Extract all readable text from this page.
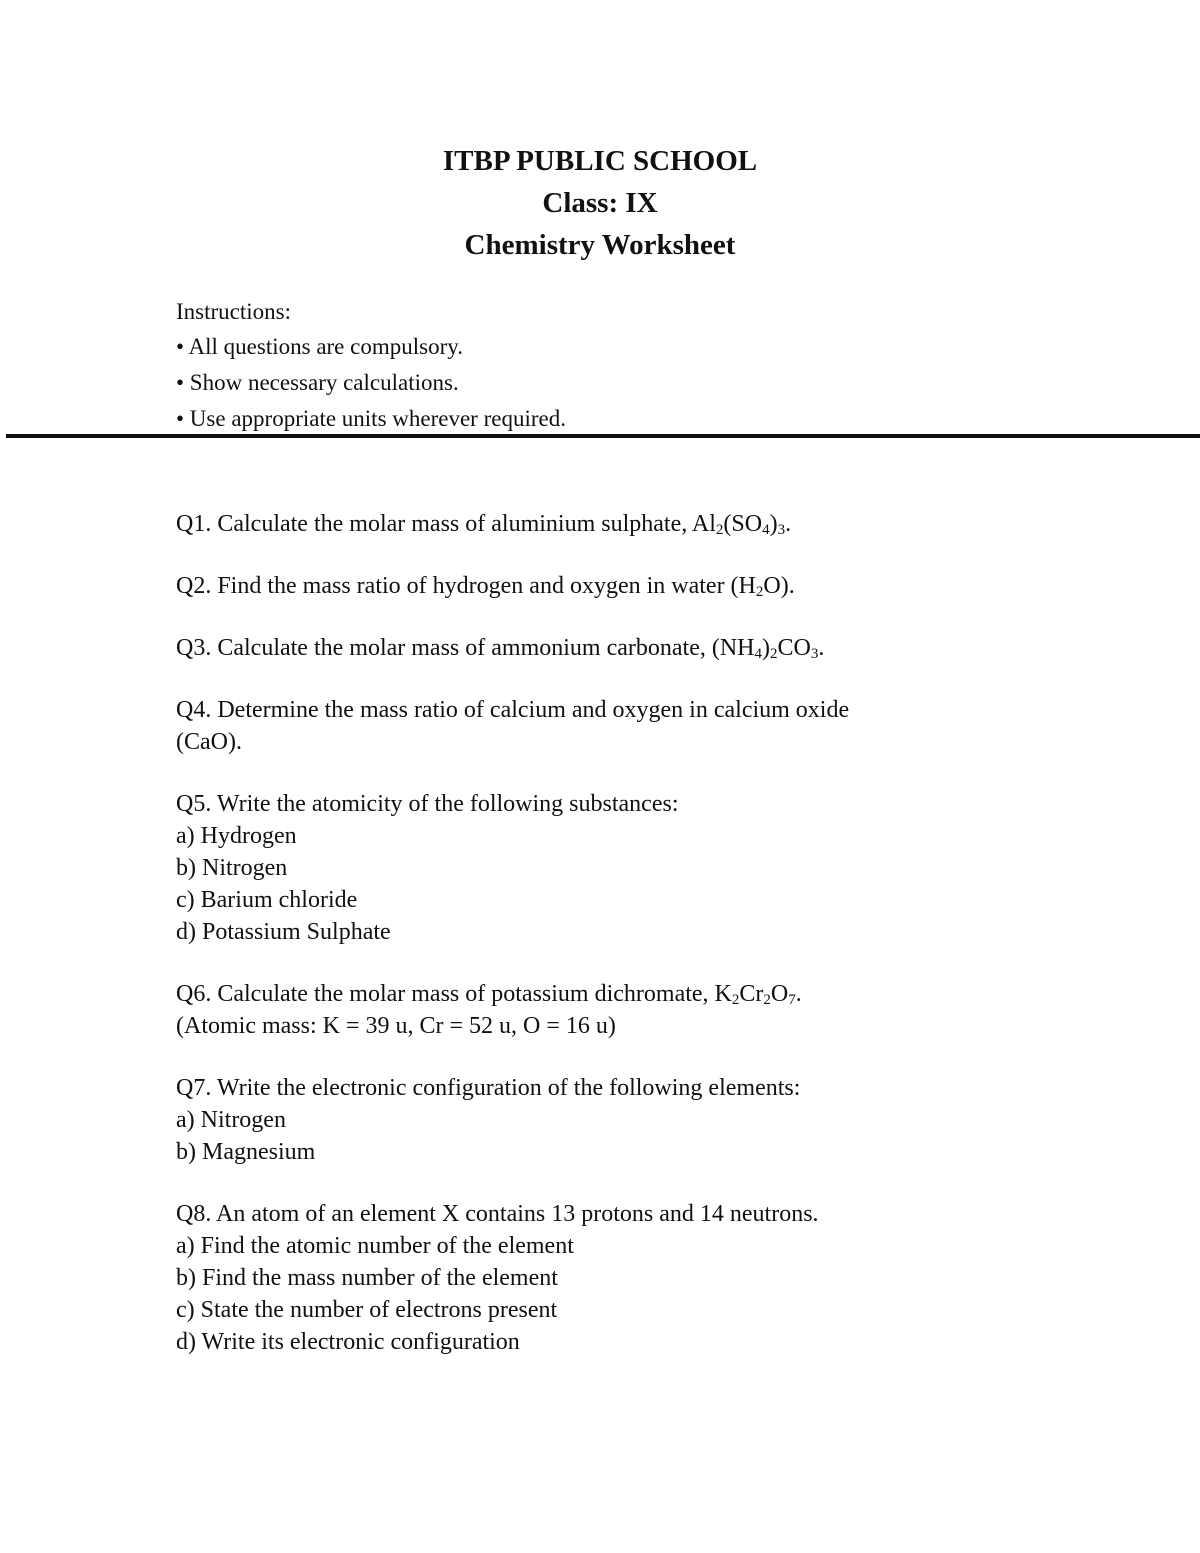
ITBP PUBLIC SCHOOL
Class: IX
Chemistry Worksheet
Instructions:
• All questions are compulsory.
• Show necessary calculations.
• Use appropriate units wherever required.
Q1. Calculate the molar mass of aluminium sulphate, $Al_2(SO_4)_3$.
Q2. Find the mass ratio of hydrogen and oxygen in water $(H_2O)$.
Q3. Calculate the molar mass of ammonium carbonate, $(NH_4)_2CO_3$.
Q4. Determine the mass ratio of calcium and oxygen in calcium oxide
(CaO).
Q5. Write the atomicity of the following substances:
a) Hydrogen
b) Nitrogen
c) Barium chloride
d) Potassium Sulphate
Q6. Calculate the molar mass of potassium dichromate, $K_2Cr_2O_7$.
(Atomic mass: K = 39 u, Cr = 52 u, O = 16 u)
Q7. Write the electronic configuration of the following elements:
a) Nitrogen
b) Magnesium
Q8. An atom of an element X contains 13 protons and 14 neutrons.
a) Find the atomic number of the element
b) Find the mass number of the element
c) State the number of electrons present
d) Write its electronic configuration
